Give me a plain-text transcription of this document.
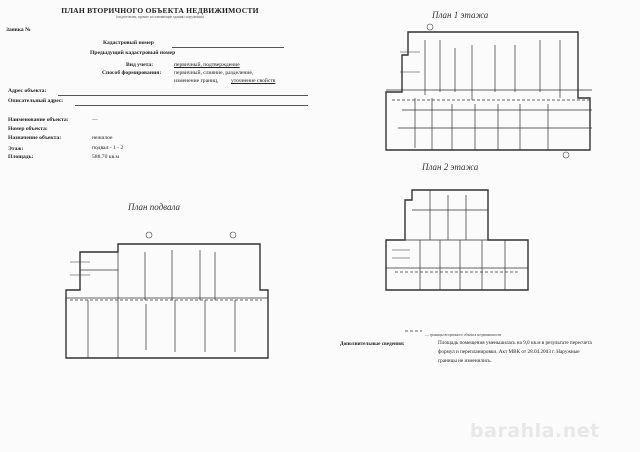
ПЛАН ВТОРИЧНОГО ОБЪЕКТА НЕДВИЖИМОСТИ
(подготовлен, прочие составляющие здания/сооружения)
Заявка №
Кадастровый номер
Предыдущий кадастровый номер
Вид учета:	первичный, подтверждение
Способ формирования: первичный, слияние, разделение,
изменение границ, уточнение свойств
Адрес объекта:
Описательный адрес:
Наименование объекта:	—
Номер объекта:
Назначение объекта:	нежилое
Этаж:	подвал - 1 - 2
Площадь:	588.70 кв.м
План 1 этажа
План 2 этажа
План подвала
— границы вторичного объекта недвижимости
Дополнительные сведения:	Площадь помещения уменьшилась на 9,0 кв.м в результате пересчета
формул и перепланировки. Акт МВК от 28.04.2003 г. Наружные
границы не изменились.
barahla.net
